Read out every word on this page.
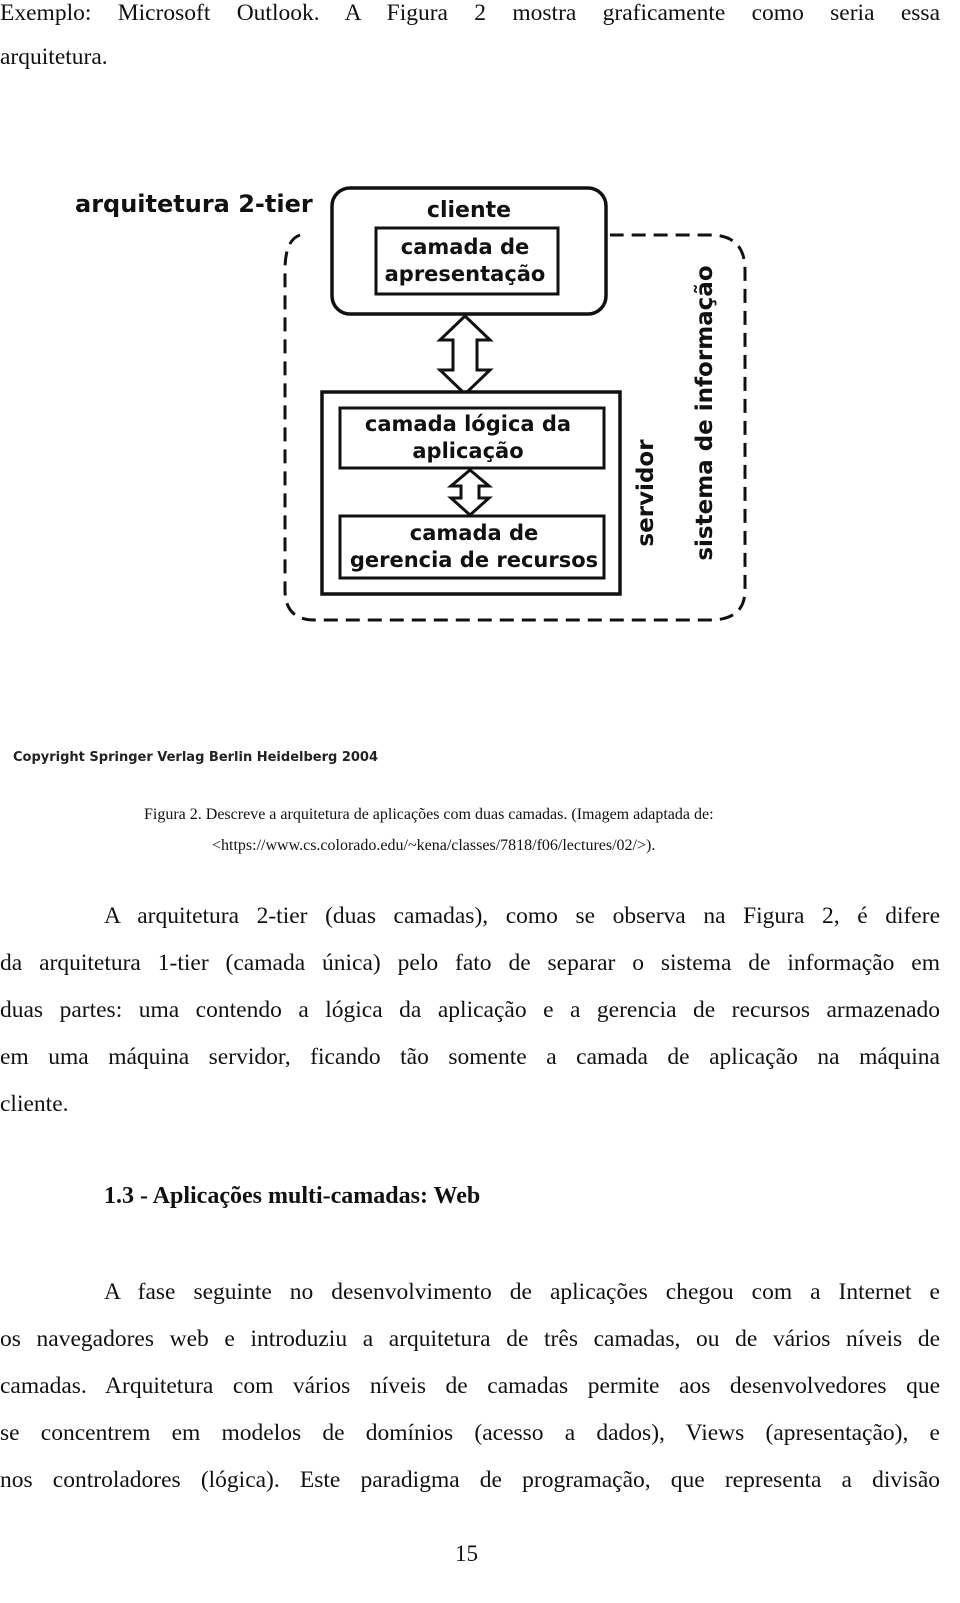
Exemplo: Microsoft Outlook. A Figura 2 mostra graficamente como seria essa
arquitetura.
arquitetura 2-tier	cliente
camada de
apresentação
camada lógica da
aplicação
camada de
gerencia de recursos
servidor sistema de informação
Copyright Springer Verlag Berlin Heidelberg 2004
Figura 2. Descreve a arquitetura de aplicações com duas camadas. (Imagem adaptada de:
<https://www.cs.colorado.edu/~kena/classes/7818/f06/lectures/02/>).
A arquitetura 2-tier (duas camadas), como se observa na Figura 2, é difere
da arquitetura 1-tier (camada única) pelo fato de separar o sistema de informação em
duas partes: uma contendo a lógica da aplicação e a gerencia de recursos armazenado
em uma máquina servidor, ficando tão somente a camada de aplicação na máquina
cliente.
1.3 - Aplicações multi-camadas: Web
A fase seguinte no desenvolvimento de aplicações chegou com a Internet e
os navegadores web e introduziu a arquitetura de três camadas, ou de vários níveis de
camadas. Arquitetura com vários níveis de camadas permite aos desenvolvedores que
se concentrem em modelos de domínios (acesso a dados), Views (apresentação), e
nos controladores (lógica). Este paradigma de programação, que representa a divisão
15
